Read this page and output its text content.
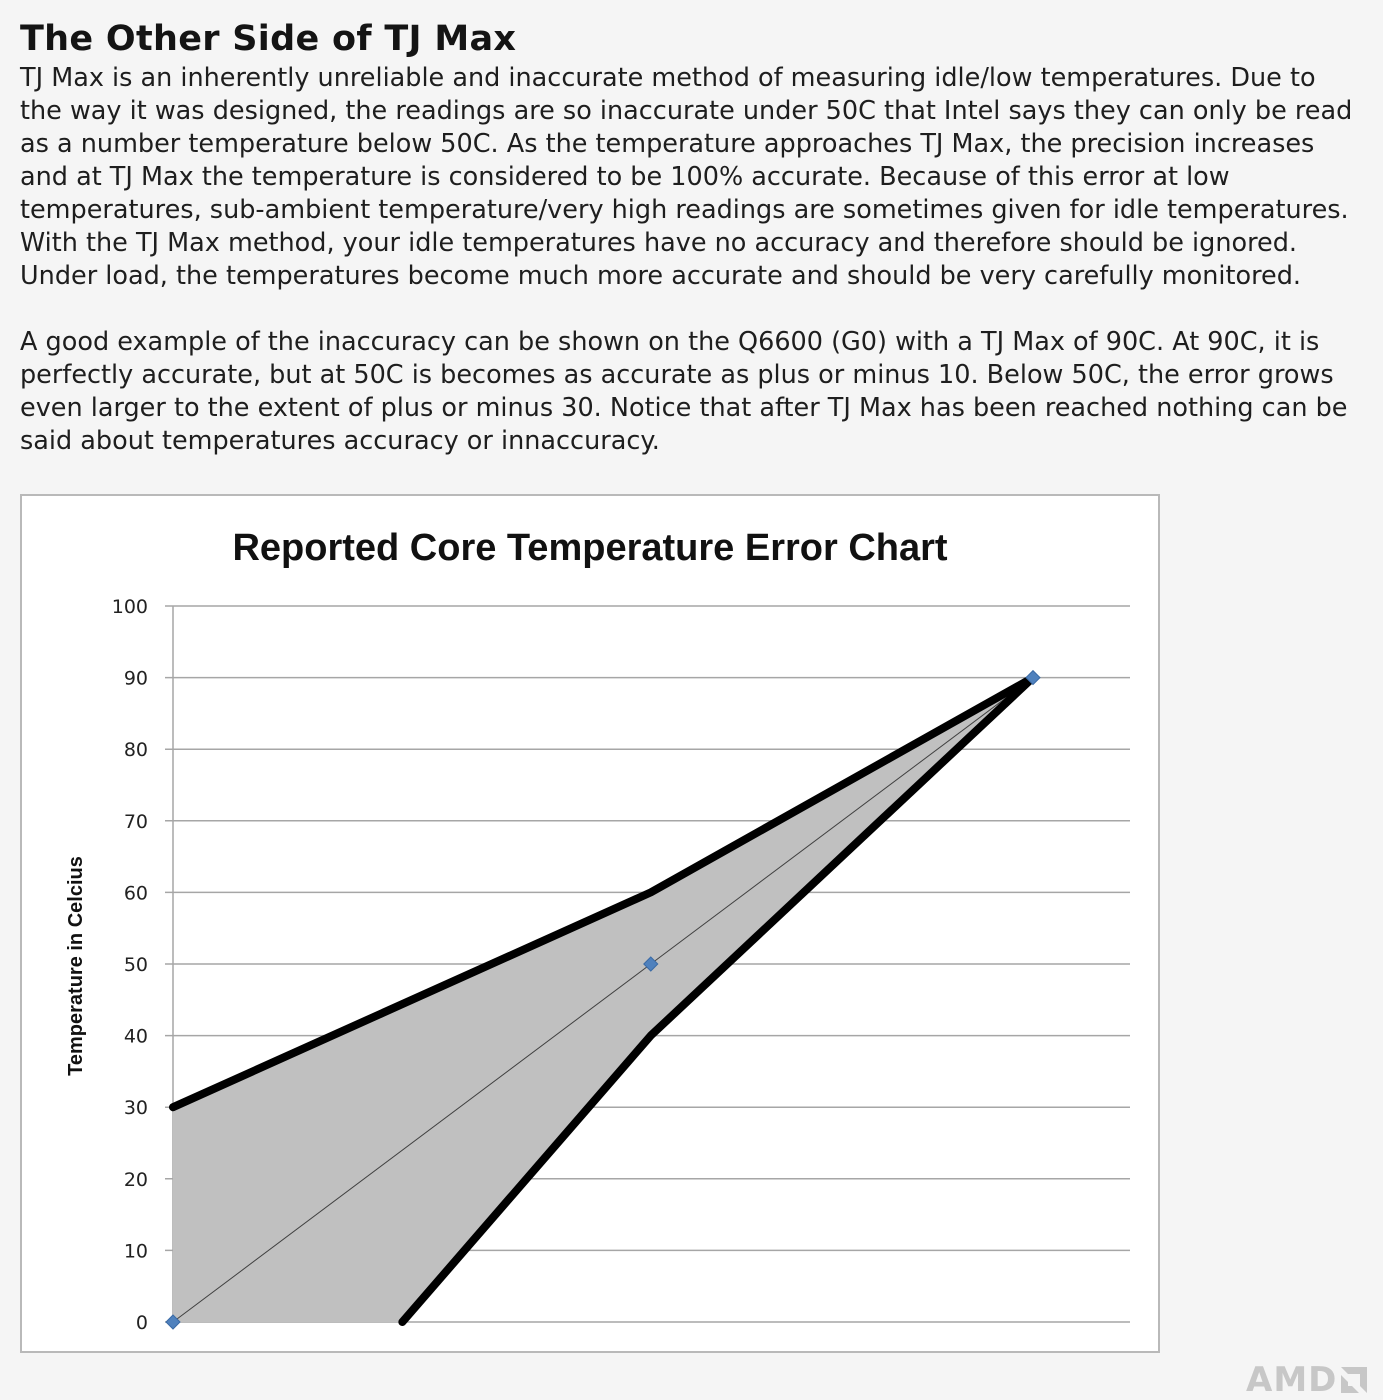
The Other Side of TJ Max

TJ Max is an inherently unreliable and inaccurate method of measuring idle/low temperatures. Due to the way it was designed, the readings are so inaccurate under 50C that Intel says they can only be read as a number temperature below 50C. As the temperature approaches TJ Max, the precision increases and at TJ Max the temperature is considered to be 100% accurate. Because of this error at low temperatures, sub-ambient temperature/very high readings are sometimes given for idle temperatures. With the TJ Max method, your idle temperatures have no accuracy and therefore should be ignored. Under load, the temperatures become much more accurate and should be very carefully monitored.

A good example of the inaccuracy can be shown on the Q6600 (G0) with a TJ Max of 90C. At 90C, it is perfectly accurate, but at 50C is becomes as accurate as plus or minus 10. Below 50C, the error grows even larger to the extent of plus or minus 30. Notice that after TJ Max has been reached nothing can be said about temperatures accuracy or innaccuracy.

Reported Core Temperature Error Chart
Temperature in Celcius
0
10
20
30
40
50
60
70
80
90
100
AMD
